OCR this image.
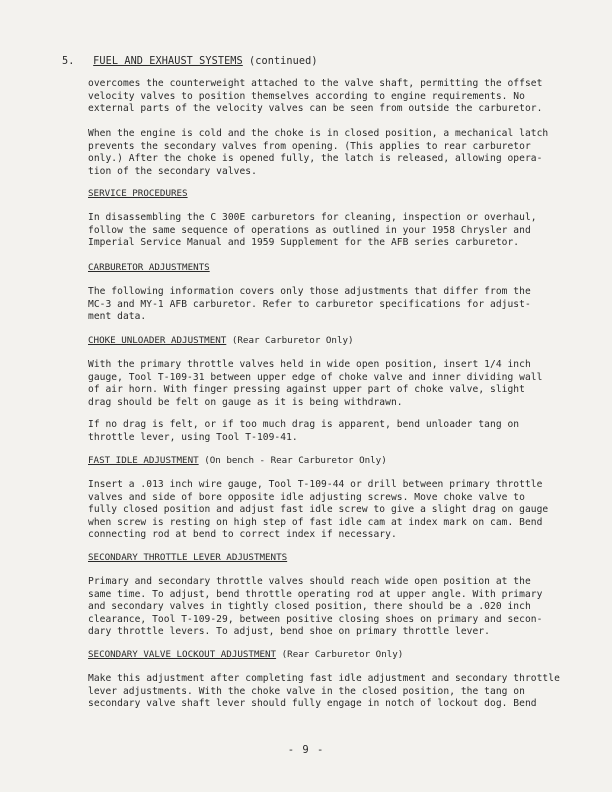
5. FUEL AND EXHAUST SYSTEMS (continued)

overcomes the counterweight attached to the valve shaft, permitting the offset
velocity valves to position themselves according to engine requirements. No
external parts of the velocity valves can be seen from outside the carburetor.

When the engine is cold and the choke is in closed position, a mechanical latch
prevents the secondary valves from opening. (This applies to rear carburetor
only.) After the choke is opened fully, the latch is released, allowing opera-
tion of the secondary valves.

SERVICE PROCEDURES

In disassembling the C 300E carburetors for cleaning, inspection or overhaul,
follow the same sequence of operations as outlined in your 1958 Chrysler and
Imperial Service Manual and 1959 Supplement for the AFB series carburetor.

CARBURETOR ADJUSTMENTS

The following information covers only those adjustments that differ from the
MC-3 and MY-1 AFB carburetor. Refer to carburetor specifications for adjust-
ment data.

CHOKE UNLOADER ADJUSTMENT (Rear Carburetor Only)

With the primary throttle valves held in wide open position, insert 1/4 inch
gauge, Tool T-109-31 between upper edge of choke valve and inner dividing wall
of air horn. With finger pressing against upper part of choke valve, slight
drag should be felt on gauge as it is being withdrawn.

If no drag is felt, or if too much drag is apparent, bend unloader tang on
throttle lever, using Tool T-109-41.

FAST IDLE ADJUSTMENT (On bench - Rear Carburetor Only)

Insert a .013 inch wire gauge, Tool T-109-44 or drill between primary throttle
valves and side of bore opposite idle adjusting screws. Move choke valve to
fully closed position and adjust fast idle screw to give a slight drag on gauge
when screw is resting on high step of fast idle cam at index mark on cam. Bend
connecting rod at bend to correct index if necessary.

SECONDARY THROTTLE LEVER ADJUSTMENTS

Primary and secondary throttle valves should reach wide open position at the
same time. To adjust, bend throttle operating rod at upper angle. With primary
and secondary valves in tightly closed position, there should be a .020 inch
clearance, Tool T-109-29, between positive closing shoes on primary and secon-
dary throttle levers. To adjust, bend shoe on primary throttle lever.

SECONDARY VALVE LOCKOUT ADJUSTMENT (Rear Carburetor Only)

Make this adjustment after completing fast idle adjustment and secondary throttle
lever adjustments. With the choke valve in the closed position, the tang on
secondary valve shaft lever should fully engage in notch of lockout dog. Bend

- 9 -
